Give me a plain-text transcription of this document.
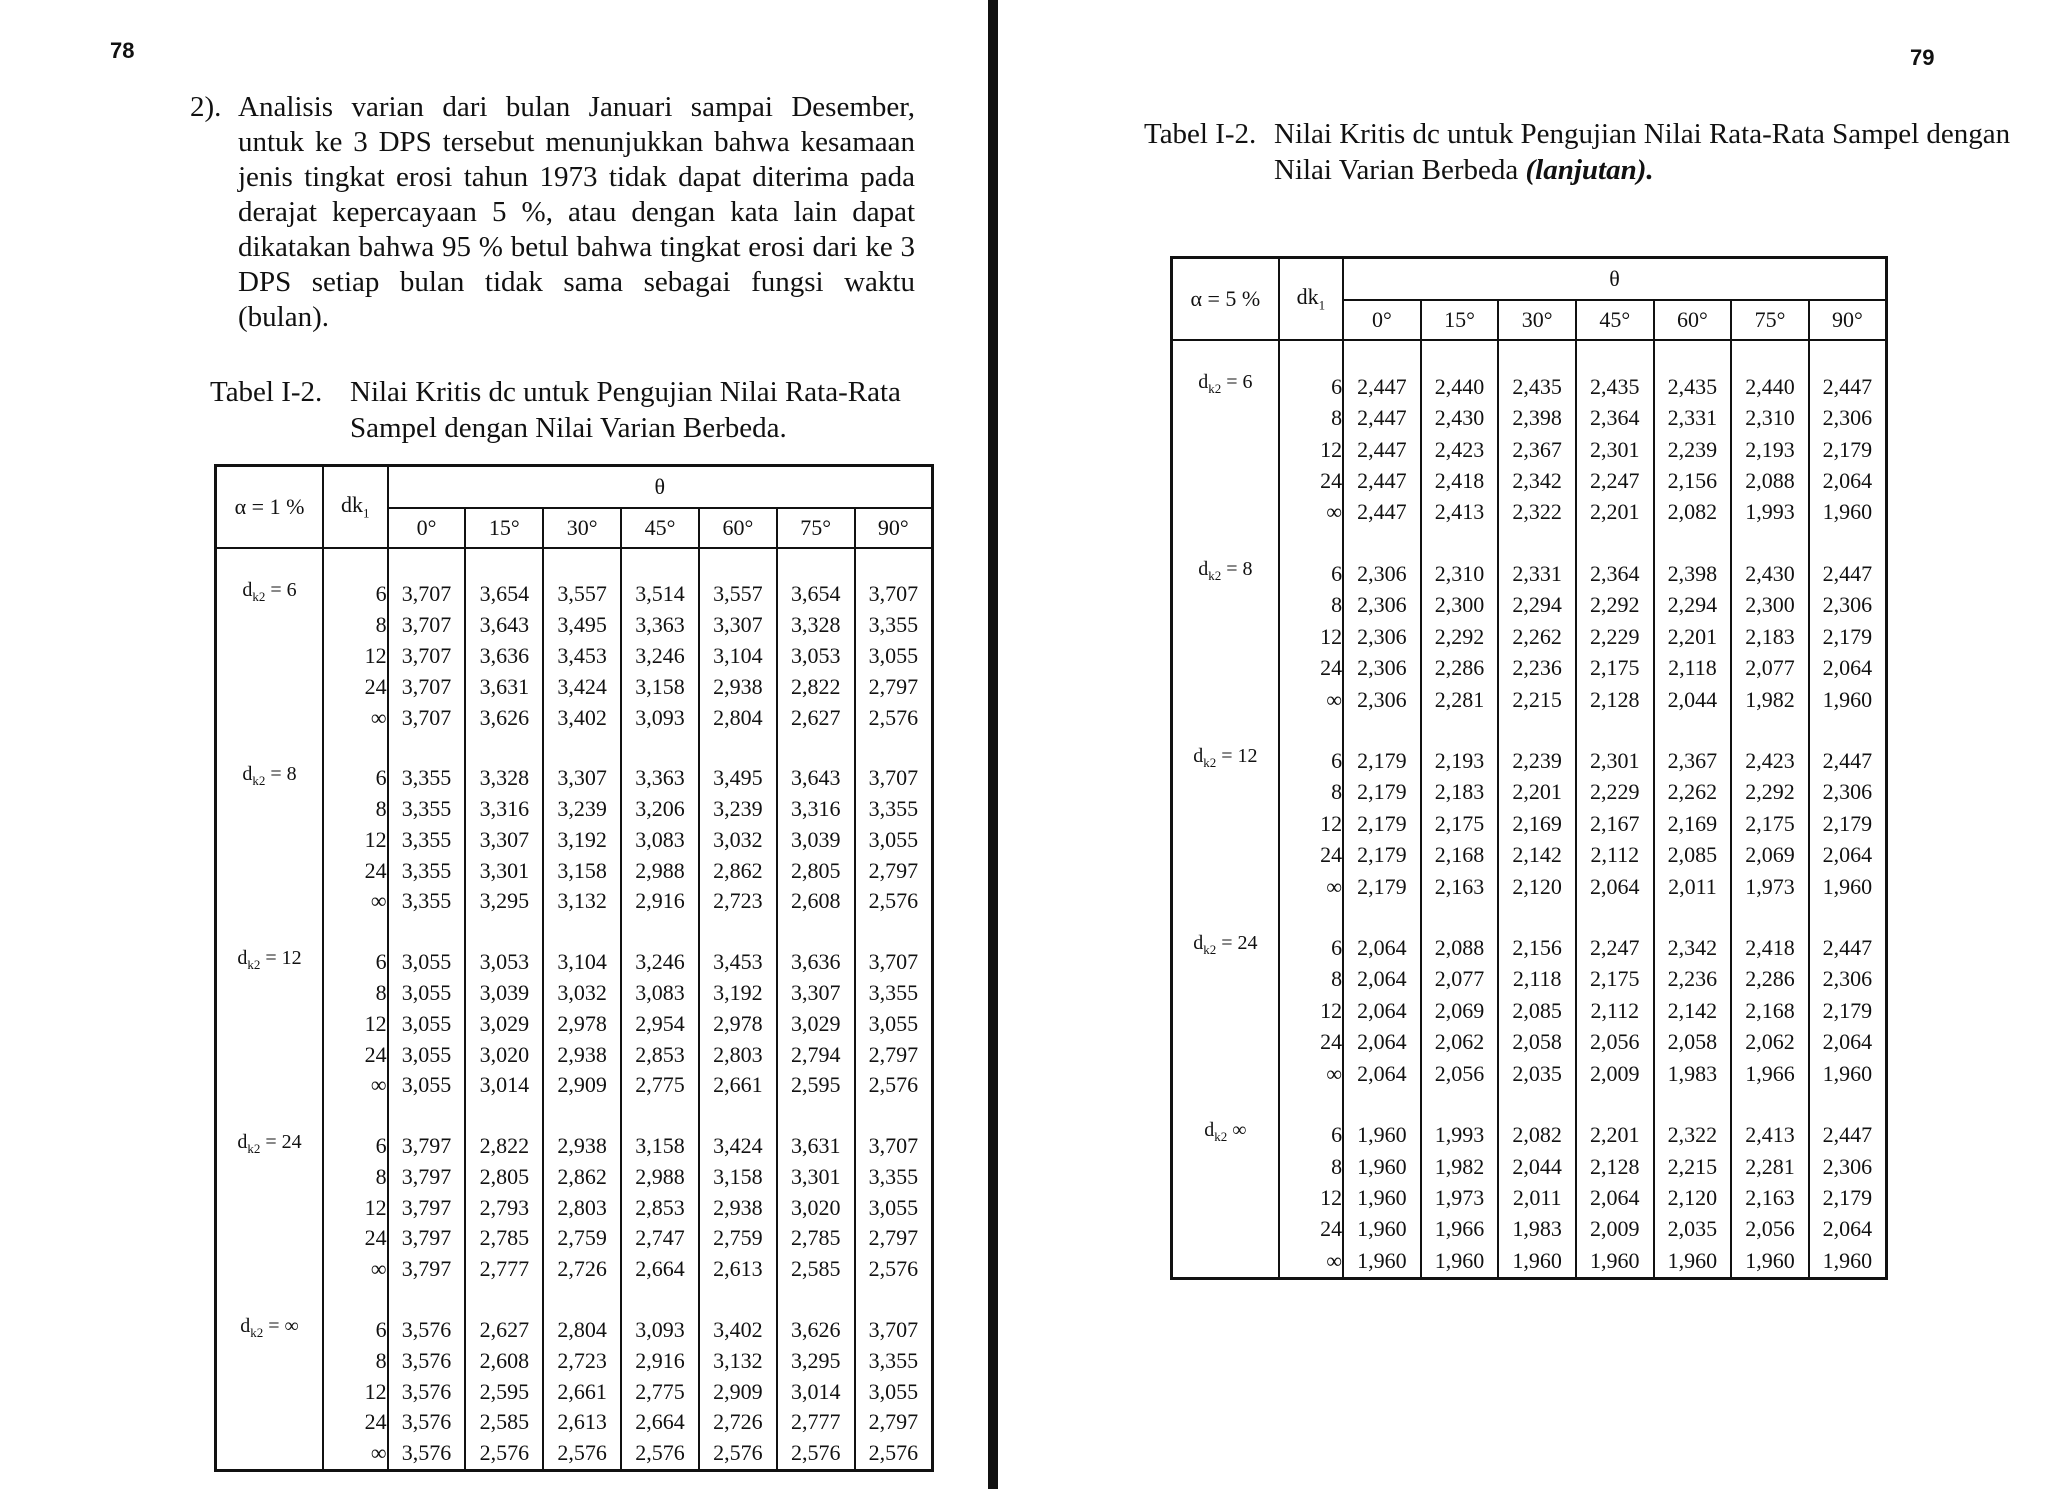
78
2). Analisis varian dari bulan Januari sampai Desember, untuk ke 3 DPS tersebut menunjukkan bahwa kesamaan jenis tingkat erosi tahun 1973 tidak dapat diterima pada derajat kepercayaan 5 %, atau dengan kata lain dapat dikatakan bahwa 95 % betul bahwa tingkat erosi dari ke 3 DPS setiap bulan tidak sama sebagai fungsi waktu (bulan).
Tabel I-2. Nilai Kritis dc untuk Pengujian Nilai Rata-Rata Sampel dengan Nilai Varian Berbeda.
α = 1 %	$dk_1$	θ						
		0°	15°	30°	45°	60°	75°	90°

$d_{k2} = 6$	6	3,707	3,654	3,557	3,514	3,557	3,654	3,707
	8	3,707	3,643	3,495	3,363	3,307	3,328	3,355
	12	3,707	3,636	3,453	3,246	3,104	3,053	3,055
	24	3,707	3,631	3,424	3,158	2,938	2,822	2,797
	∞	3,707	3,626	3,402	3,093	2,804	2,627	2,576

$d_{k2} = 8$	6	3,355	3,328	3,307	3,363	3,495	3,643	3,707
	8	3,355	3,316	3,239	3,206	3,239	3,316	3,355
	12	3,355	3,307	3,192	3,083	3,032	3,039	3,055
	24	3,355	3,301	3,158	2,988	2,862	2,805	2,797
	∞	3,355	3,295	3,132	2,916	2,723	2,608	2,576

$d_{k2} = 12$	6	3,055	3,053	3,104	3,246	3,453	3,636	3,707
	8	3,055	3,039	3,032	3,083	3,192	3,307	3,355
	12	3,055	3,029	2,978	2,954	2,978	3,029	3,055
	24	3,055	3,020	2,938	2,853	2,803	2,794	2,797
	∞	3,055	3,014	2,909	2,775	2,661	2,595	2,576

$d_{k2} = 24$	6	3,797	2,822	2,938	3,158	3,424	3,631	3,707
	8	3,797	2,805	2,862	2,988	3,158	3,301	3,355
	12	3,797	2,793	2,803	2,853	2,938	3,020	3,055
	24	3,797	2,785	2,759	2,747	2,759	2,785	2,797
	∞	3,797	2,777	2,726	2,664	2,613	2,585	2,576

$d_{k2}$ = ∞	6	3,576	2,627	2,804	3,093	3,402	3,626	3,707
	8	3,576	2,608	2,723	2,916	3,132	3,295	3,355
	12	3,576	2,595	2,661	2,775	2,909	3,014	3,055
	24	3,576	2,585	2,613	2,664	2,726	2,777	2,797
	∞	3,576	2,576	2,576	2,576	2,576	2,576	2,576

79
Tabel I-2. Nilai Kritis dc untuk Pengujian Nilai Rata-Rata Sampel dengan Nilai Varian Berbeda (lanjutan).
α = 5 %	$dk_1$	θ						
		0°	15°	30°	45°	60°	75°	90°

$d_{k2} = 6$	6	2,447	2,440	2,435	2,435	2,435	2,440	2,447
	8	2,447	2,430	2,398	2,364	2,331	2,310	2,306
	12	2,447	2,423	2,367	2,301	2,239	2,193	2,179
	24	2,447	2,418	2,342	2,247	2,156	2,088	2,064
	∞	2,447	2,413	2,322	2,201	2,082	1,993	1,960

$d_{k2} = 8$	6	2,306	2,310	2,331	2,364	2,398	2,430	2,447
	8	2,306	2,300	2,294	2,292	2,294	2,300	2,306
	12	2,306	2,292	2,262	2,229	2,201	2,183	2,179
	24	2,306	2,286	2,236	2,175	2,118	2,077	2,064
	∞	2,306	2,281	2,215	2,128	2,044	1,982	1,960

$d_{k2} = 12$	6	2,179	2,193	2,239	2,301	2,367	2,423	2,447
	8	2,179	2,183	2,201	2,229	2,262	2,292	2,306
	12	2,179	2,175	2,169	2,167	2,169	2,175	2,179
	24	2,179	2,168	2,142	2,112	2,085	2,069	2,064
	∞	2,179	2,163	2,120	2,064	2,011	1,973	1,960

$d_{k2} = 24$	6	2,064	2,088	2,156	2,247	2,342	2,418	2,447
	8	2,064	2,077	2,118	2,175	2,236	2,286	2,306
	12	2,064	2,069	2,085	2,112	2,142	2,168	2,179
	24	2,064	2,062	2,058	2,056	2,058	2,062	2,064
	∞	2,064	2,056	2,035	2,009	1,983	1,966	1,960

$d_{k2}$ ∞	6	1,960	1,993	2,082	2,201	2,322	2,413	2,447
	8	1,960	1,982	2,044	2,128	2,215	2,281	2,306
	12	1,960	1,973	2,011	2,064	2,120	2,163	2,179
	24	1,960	1,966	1,983	2,009	2,035	2,056	2,064
	∞	1,960	1,960	1,960	1,960	1,960	1,960	1,960
